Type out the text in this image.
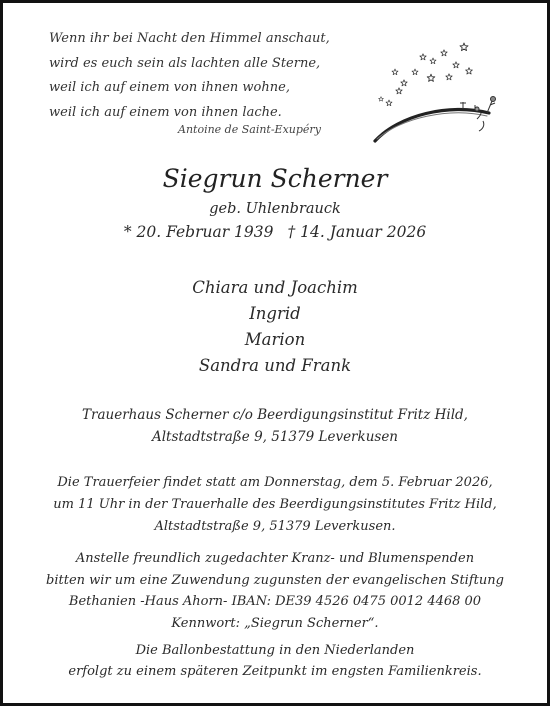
Wenn ihr bei Nacht den Himmel anschaut,
wird es euch sein als lachten alle Sterne,
weil ich auf einem von ihnen wohne,
weil ich auf einem von ihnen lache.
Antoine de Saint-Exupéry
Siegrun Scherner
geb. Uhlenbrauck
* 20. Februar 1939 † 14. Januar 2026
Chiara und Joachim
Ingrid
Marion
Sandra und Frank
Trauerhaus Scherner c/o Beerdigungsinstitut Fritz Hild,
Altstadtstraße 9, 51379 Leverkusen
Die Trauerfeier findet statt am Donnerstag, dem 5. Februar 2026,
um 11 Uhr in der Trauerhalle des Beerdigungsinstitutes Fritz Hild,
Altstadtstraße 9, 51379 Leverkusen.
Anstelle freundlich zugedachter Kranz- und Blumenspenden
bitten wir um eine Zuwendung zugunsten der evangelischen Stiftung
Bethanien -Haus Ahorn- IBAN: DE39 4526 0475 0012 4468 00
Kennwort: „Siegrun Scherner“.
Die Ballonbestattung in den Niederlanden
erfolgt zu einem späteren Zeitpunkt im engsten Familienkreis.
